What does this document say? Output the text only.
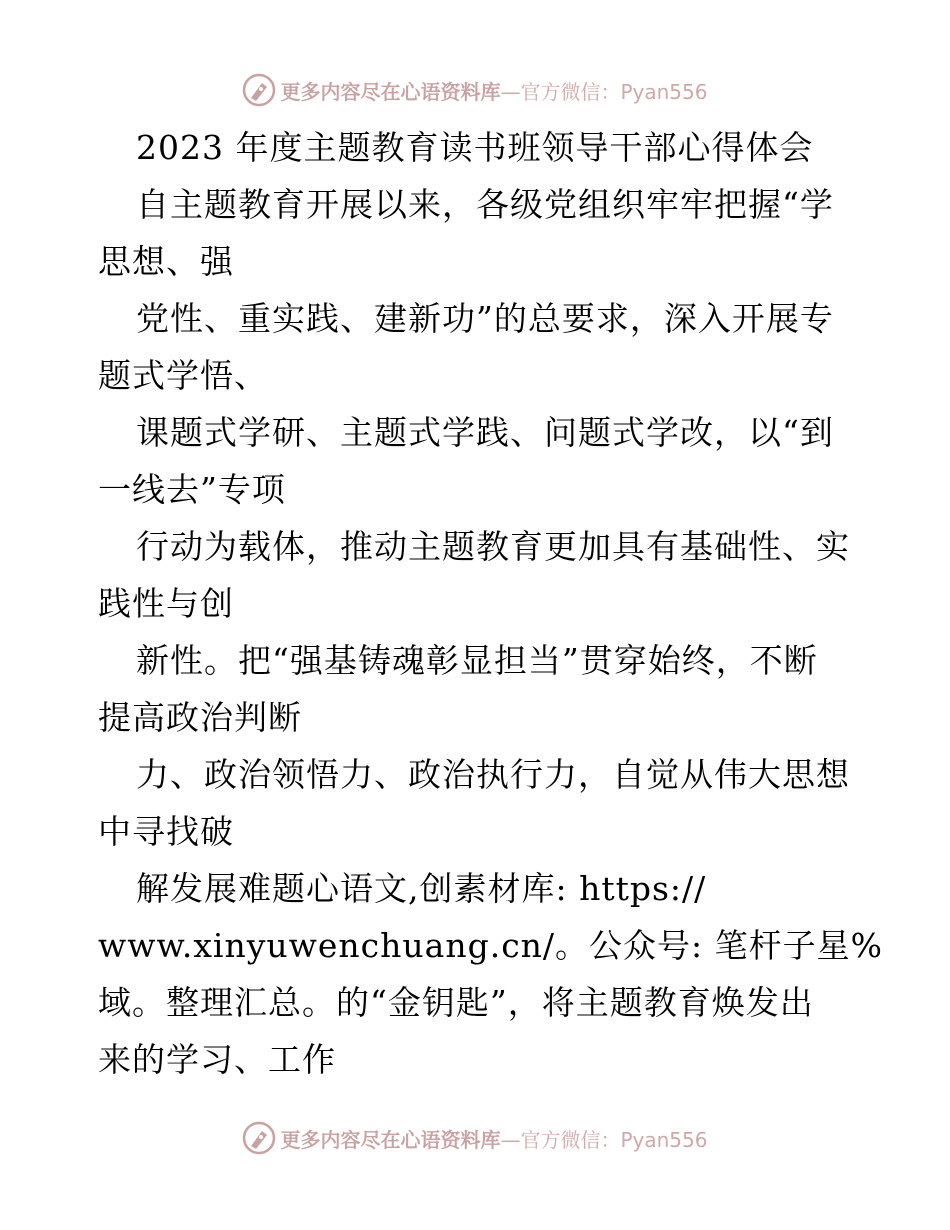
更多内容尽在心语资料库 —官方微信：Pyan556
2023 年度主题教育读书班领导干部心得体会
自主题教育开展以来，各级党组织牢牢把握“学
思想、强
党性、重实践、建新功”的总要求，深入开展专
题式学悟、
课题式学研、主题式学践、问题式学改，以“到
一线去”专项
行动为载体，推动主题教育更加具有基础性、实
践性与创
新性。把“强基铸魂彰显担当”贯穿始终，不断
提高政治判断
力、政治领悟力、政治执行力，自觉从伟大思想
中寻找破
解发展难题心语文,创素材库: https://
www.xinyuwenchuang.cn/。公众号: 笔杆子星%
域。整理汇总。的“金钥匙”，将主题教育焕发出
来的学习、工作
更多内容尽在心语资料库 —官方微信：Pyan556
